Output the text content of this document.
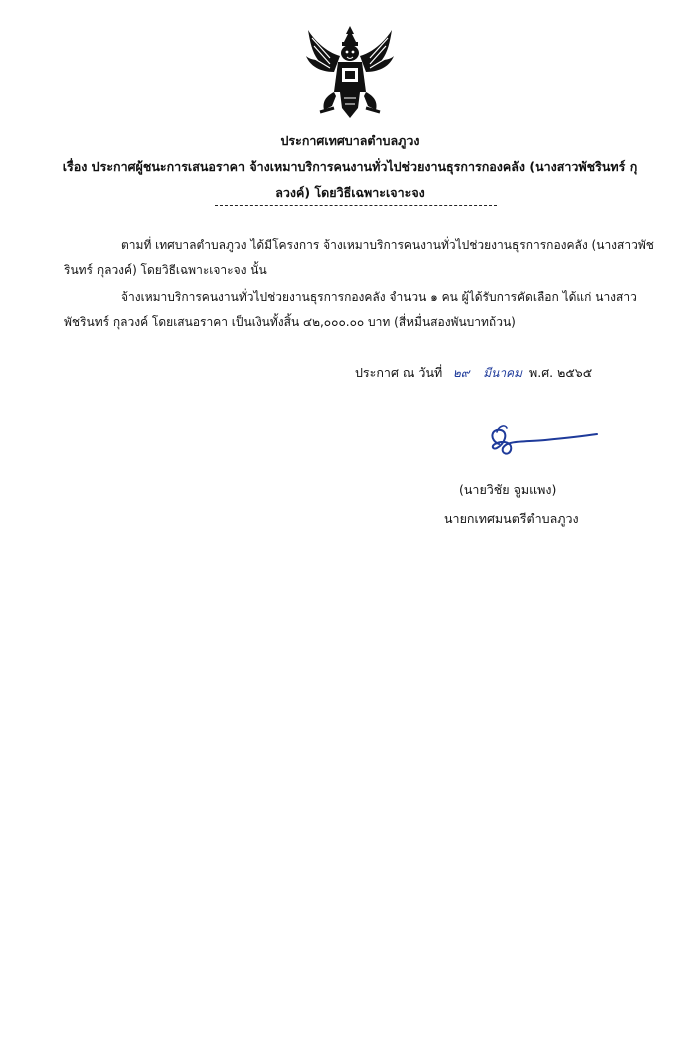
ประกาศเทศบาลตำบลภูวง
เรื่อง ประกาศผู้ชนะการเสนอราคา จ้างเหมาบริการคนงานทั่วไปช่วยงานธุรการกองคลัง (นางสาวพัชรินทร์ กุ
ลวงค์) โดยวิธีเฉพาะเจาะจง
ตามที่ เทศบาลตำบลภูวง ได้มีโครงการ จ้างเหมาบริการคนงานทั่วไปช่วยงานธุรการกองคลัง (นางสาวพัช
รินทร์ กุลวงค์) โดยวิธีเฉพาะเจาะจง นั้น
จ้างเหมาบริการคนงานทั่วไปช่วยงานธุรการกองคลัง จำนวน ๑ คน ผู้ได้รับการคัดเลือก ได้แก่ นางสาว
พัชรินทร์ กุลวงค์ โดยเสนอราคา เป็นเงินทั้งสิ้น ๔๒,๐๐๐.๐๐ บาท (สี่หมื่นสองพันบาทถ้วน)
ประกาศ ณ วันที่ ๒๙ มีนาคม พ.ศ. ๒๕๖๕
(นายวิชัย จูมแพง)
นายกเทศมนตรีตำบลภูวง
